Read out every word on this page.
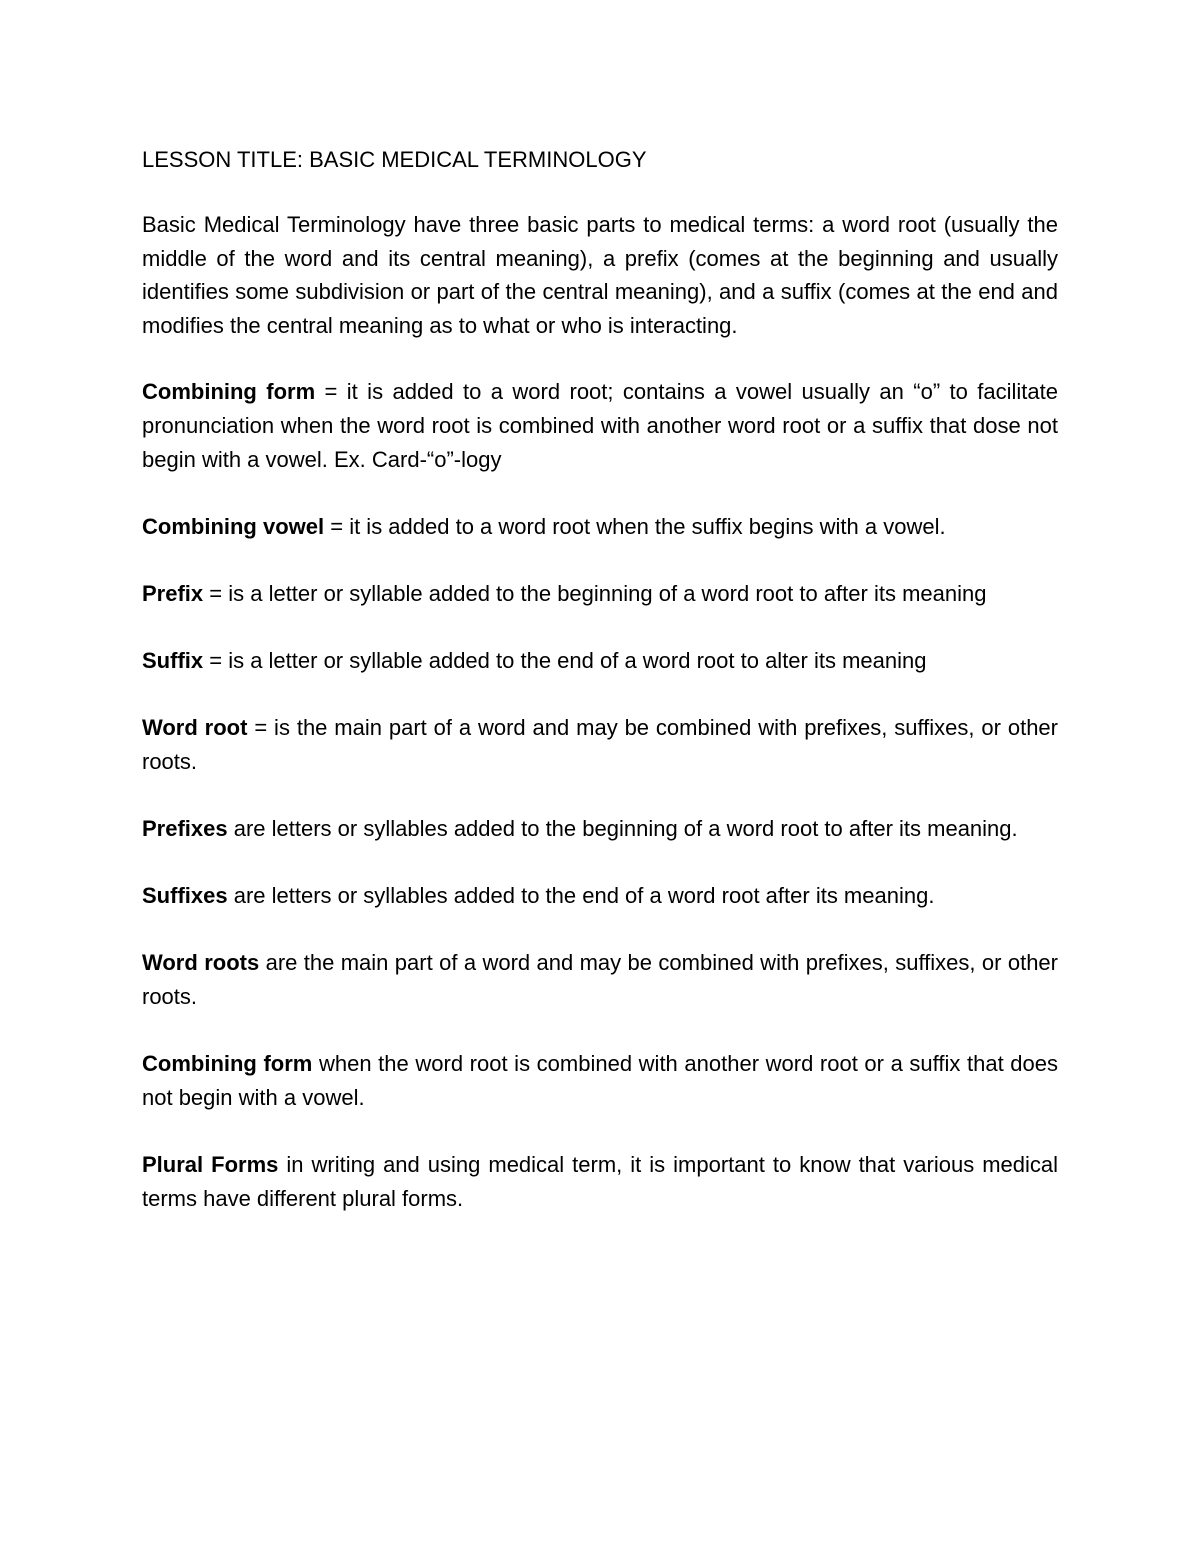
LESSON TITLE: BASIC MEDICAL TERMINOLOGY

Basic Medical Terminology have three basic parts to medical terms: a word root (usually the middle of the word and its central meaning), a prefix (comes at the beginning and usually identifies some subdivision or part of the central meaning), and a suffix (comes at the end and modifies the central meaning as to what or who is interacting.

Combining form = it is added to a word root; contains a vowel usually an “o” to facilitate pronunciation when the word root is combined with another word root or a suffix that dose not begin with a vowel. Ex. Card-“o”-logy

Combining vowel = it is added to a word root when the suffix begins with a vowel.

Prefix = is a letter or syllable added to the beginning of a word root to after its meaning

Suffix = is a letter or syllable added to the end of a word root to alter its meaning

Word root = is the main part of a word and may be combined with prefixes, suffixes, or other roots.

Prefixes are letters or syllables added to the beginning of a word root to after its meaning.

Suffixes are letters or syllables added to the end of a word root after its meaning.

Word roots are the main part of a word and may be combined with prefixes, suffixes, or other roots.

Combining form when the word root is combined with another word root or a suffix that does not begin with a vowel.

Plural Forms in writing and using medical term, it is important to know that various medical terms have different plural forms.
